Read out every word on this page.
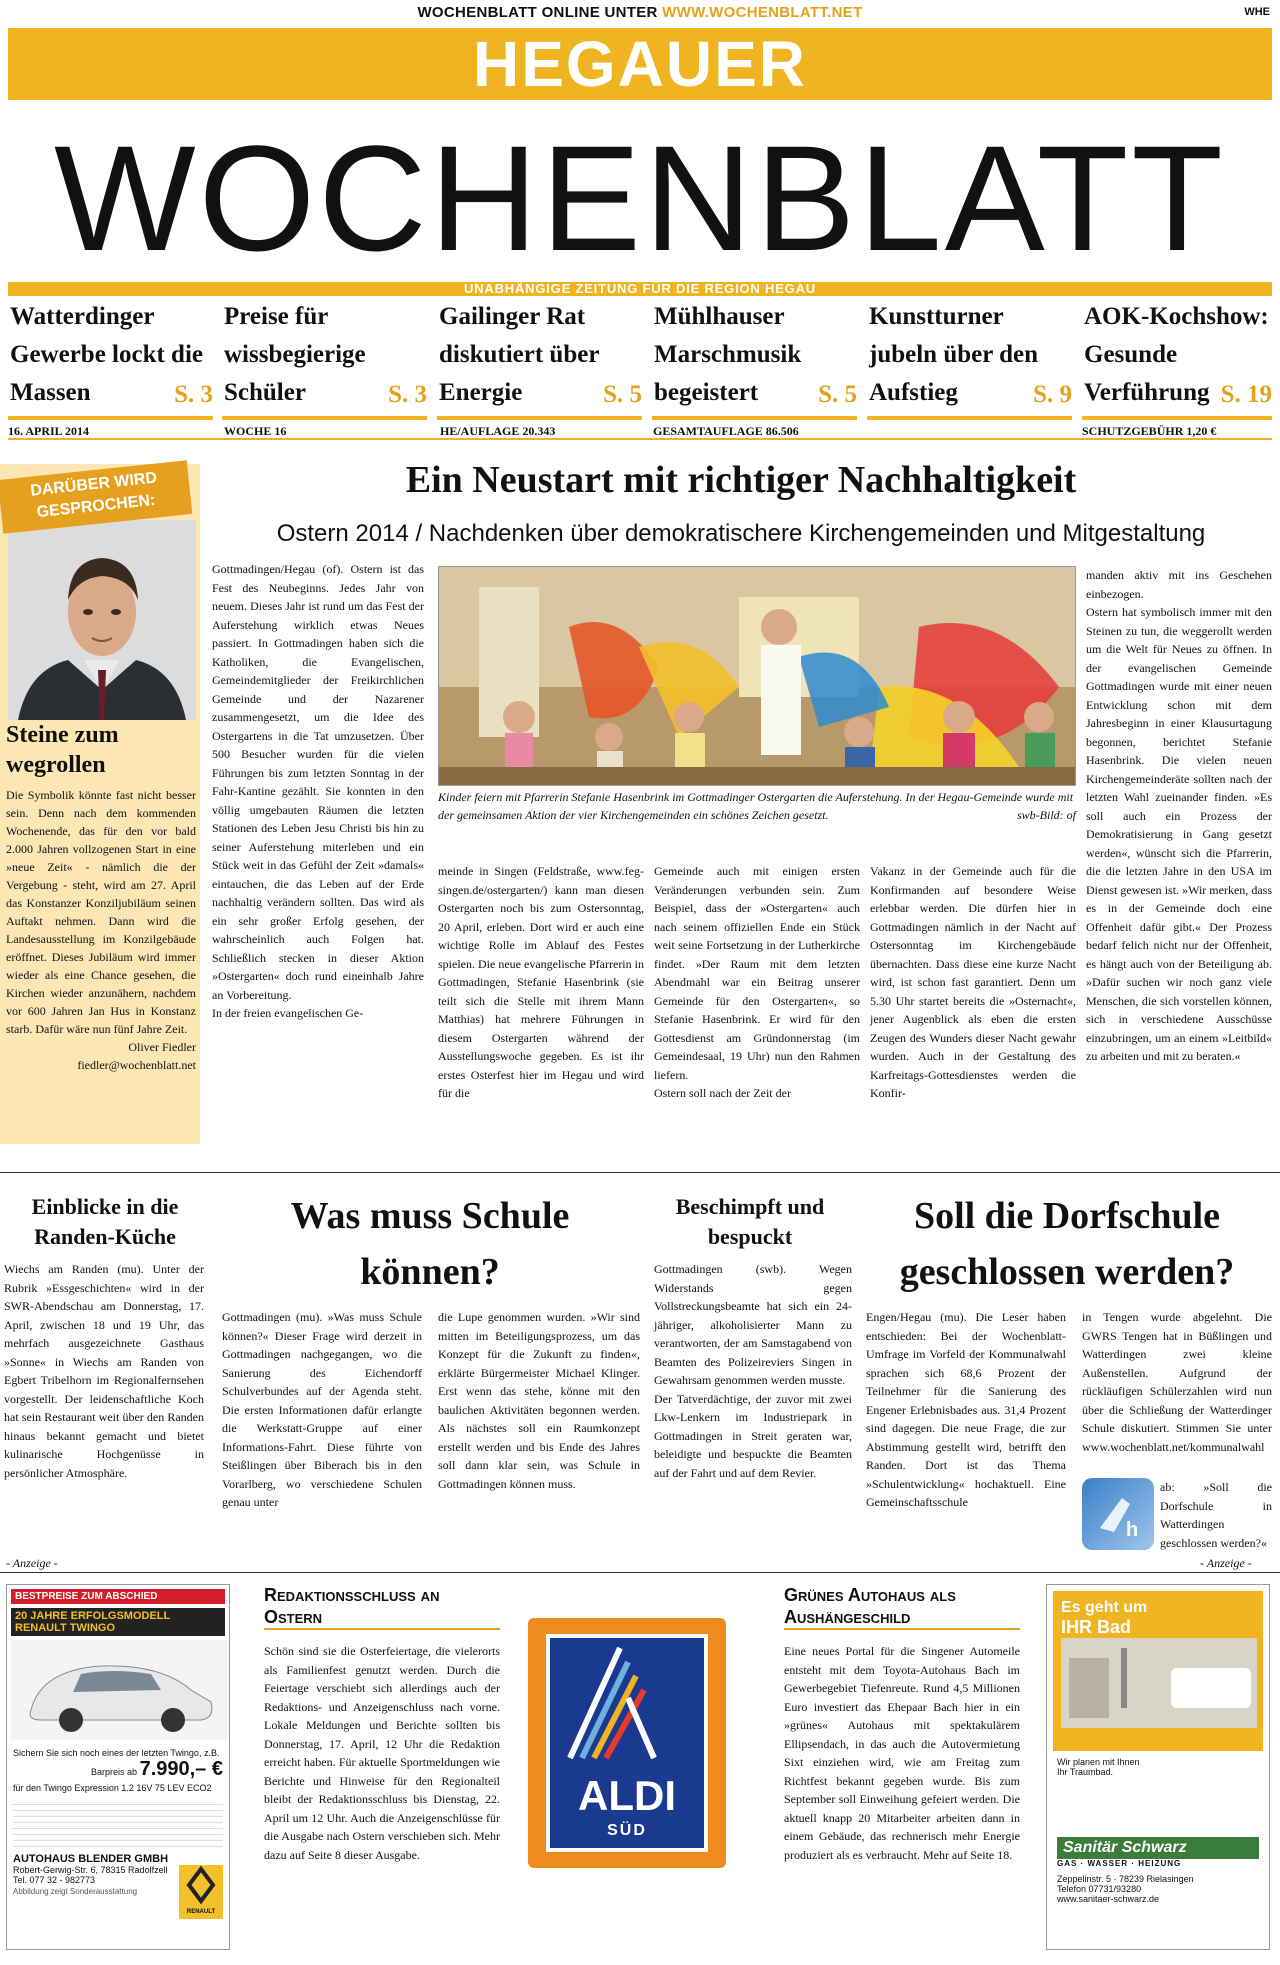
WOCHENBLATT ONLINE UNTER WWW.WOCHENBLATT.NET	WHE
HEGAUER
WOCHENBLATT
UNABHÄNGIGE ZEITUNG FÜR DIE REGION HEGAU
Watterdinger Gewerbe lockt die Massen	S. 3
Preise für wissbegierige Schüler	S. 3
Gailinger Rat diskutiert über Energie	S. 5
Mühlhauser Marschmusik begeistert S. 5
Kunstturner jubeln über den Aufstieg	S. 9
AOK-Kochshow: Gesunde Verführung S. 19
16. APRIL 2014	WOCHE 16	HE/AUFLAGE 20.343	GESAMTAUFLAGE 86.506	SCHUTZGEBÜHR 1,20 €
DARÜBER WIRD
GESPROCHEN:
Steine zum wegrollen
Die Symbolik könnte fast nicht besser sein. Denn nach dem kommenden Wochenende, das für den vor bald 2.000 Jahren vollzogenen Start in eine »neue Zeit« - nämlich die der Vergebung - steht, wird am 27. April das Konstanzer Konziljubiläum seinen Auftakt nehmen. Dann wird die Landesausstellung im Konzilgebäude eröffnet. Dieses Jubiläum wird immer wieder als eine Chance gesehen, die Kirchen wieder anzunähern, nachdem vor 600 Jahren Jan Hus in Konstanz starb. Dafür wäre nun fünf Jahre Zeit.
Oliver Fiedler
fiedler@wochenblatt.net
Ein Neustart mit richtiger Nachhaltigkeit
Ostern 2014 / Nachdenken über demokratischere Kirchengemeinden und Mitgestaltung
Gottmadingen/Hegau (of). Ostern ist das Fest des Neubeginns. Jedes Jahr von neuem. Dieses Jahr ist rund um das Fest der Auferstehung wirklich etwas Neues passiert. In Gottmadingen haben sich die Katholiken, die Evangelischen, Gemeindemitglieder der Freikirchlichen Gemeinde und der Nazarener zusammengesetzt, um die Idee des Ostergartens in die Tat umzusetzen. Über 500 Besucher wurden für die vielen Führungen bis zum letzten Sonntag in der Fahr-Kantine gezählt. Sie konnten in den völlig umgebauten Räumen die letzten Stationen des Leben Jesu Christi bis hin zu seiner Auferstehung miterleben und ein Stück weit in das Gefühl der Zeit »damals« eintauchen, die das Leben auf der Erde nachhaltig verändern sollten. Das wird als ein sehr großer Erfolg gesehen, der wahrscheinlich auch Folgen hat. Schließlich stecken in dieser Aktion »Ostergarten« doch rund eineinhalb Jahre an Vorbereitung.
In der freien evangelischen Ge-
Kinder feiern mit Pfarrerin Stefanie Hasenbrink im Gottmadinger Ostergarten die Auferstehung. In der Hegau-Gemeinde wurde mit der gemeinsamen Aktion der vier Kirchengemeinden ein schönes Zeichen gesetzt.	swb-Bild: of
meinde in Singen (Feldstraße, www.feg-singen.de/ostergarten/) kann man diesen Ostergarten noch bis zum Ostersonntag, 20 April, erleben. Dort wird er auch eine wichtige Rolle im Ablauf des Festes spielen. Die neue evangelische Pfarrerin in Gottmadingen, Stefanie Hasenbrink (sie teilt sich die Stelle mit ihrem Mann Matthias) hat mehrere Führungen in diesem Ostergarten während der Ausstellungswoche gegeben. Es ist ihr erstes Osterfest hier im Hegau und wird für die
Gemeinde auch mit einigen ersten Veränderungen verbunden sein. Zum Beispiel, dass der »Ostergarten« auch nach seinem offiziellen Ende ein Stück weit seine Fortsetzung in der Lutherkirche findet. »Der Raum mit dem letzten Abendmahl war ein Beitrag unserer Gemeinde für den Ostergarten«, so Stefanie Hasenbrink. Er wird für den Gottesdienst am Gründonnerstag (im Gemeindesaal, 19 Uhr) nun den Rahmen liefern.
Ostern soll nach der Zeit der
Vakanz in der Gemeinde auch für die Konfirmanden auf besondere Weise erlebbar werden. Die dürfen hier in Gottmadingen nämlich in der Nacht auf Ostersonntag im Kirchengebäude übernachten. Dass diese eine kurze Nacht wird, ist schon fast garantiert. Denn um 5.30 Uhr startet bereits die »Osternacht«, jener Augenblick als eben die ersten Zeugen des Wunders dieser Nacht gewahr wurden. Auch in der Gestaltung des Karfreitags-Gottesdienstes werden die Konfir-
manden aktiv mit ins Geschehen einbezogen.
Ostern hat symbolisch immer mit den Steinen zu tun, die weggerollt werden um die Welt für Neues zu öffnen. In der evangelischen Gemeinde Gottmadingen wurde mit einer neuen Entwicklung schon mit dem Jahresbeginn in einer Klausurtagung begonnen, berichtet Stefanie Hasenbrink. Die vielen neuen Kirchengemeinderäte sollten nach der letzten Wahl zueinander finden. »Es soll auch ein Prozess der Demokratisierung in Gang gesetzt werden«, wünscht sich die Pfarrerin, die die letzten Jahre in den USA im Dienst gewesen ist. »Wir merken, dass es in der Gemeinde doch eine Offenheit dafür gibt.« Der Prozess bedarf felich nicht nur der Offenheit, es hängt auch von der Beteiligung ab. »Dafür suchen wir noch ganz viele Menschen, die sich vorstellen können, sich in verschiedene Ausschüsse einzubringen, um an einem »Leitbild« zu arbeiten und mit zu beraten.«
Einblicke in die Randen-Küche
Wiechs am Randen (mu). Unter der Rubrik »Essgeschichten« wird in der SWR-Abendschau am Donnerstag, 17. April, zwischen 18 und 19 Uhr, das mehrfach ausgezeichnete Gasthaus »Sonne« in Wiechs am Randen von Egbert Tribelhorn im Regionalfernsehen vorgestellt. Der leidenschaftliche Koch hat sein Restaurant weit über den Randen hinaus bekannt gemacht und bietet kulinarische Hochgenüsse in persönlicher Atmosphäre.
Was muss Schule können?
Gottmadingen (mu). »Was muss Schule können?« Dieser Frage wird derzeit in Gottmadingen nachgegangen, wo die Sanierung des Eichendorff Schulverbundes auf der Agenda steht. Die ersten Informationen dafür erlangte die Werkstatt-Gruppe auf einer Informations-Fahrt. Diese führte von Steißlingen über Biberach bis in den Vorarlberg, wo verschiedene Schulen genau unter
die Lupe genommen wurden. »Wir sind mitten im Beteiligungsprozess, um das Konzept für die Zukunft zu finden«, erklärte Bürgermeister Michael Klinger. Erst wenn das stehe, könne mit den baulichen Aktivitäten begonnen werden. Als nächstes soll ein Raumkonzept erstellt werden und bis Ende des Jahres soll dann klar sein, was Schule in Gottmadingen können muss.
Beschimpft und bespuckt
Gottmadingen (swb). Wegen Widerstands gegen Vollstreckungsbeamte hat sich ein 24-jähriger, alkoholisierter Mann zu verantworten, der am Samstagabend von Beamten des Polizeireviers Singen in Gewahrsam genommen werden musste.
Der Tatverdächtige, der zuvor mit zwei Lkw-Lenkern im Industriepark in Gottmadingen in Streit geraten war, beleidigte und bespuckte die Beamten auf der Fahrt und auf dem Revier.
Soll die Dorfschule geschlossen werden?
Engen/Hegau (mu). Die Leser haben entschieden: Bei der Wochenblatt-Umfrage im Vorfeld der Kommunalwahl sprachen sich 68,6 Prozent der Teilnehmer für die Sanierung des Engener Erlebnisbades aus. 31,4 Prozent sind dagegen. Die neue Frage, die zur Abstimmung gestellt wird, betrifft den Randen. Dort ist das Thema »Schulentwicklung« hochaktuell. Eine Gemeinschaftsschule
in Tengen wurde abgelehnt. Die GWRS Tengen hat in Büßlingen und Watterdingen zwei kleine Außenstellen. Aufgrund der rückläufigen Schülerzahlen wird nun über die Schließung der Watterdinger Schule diskutiert. Stimmen Sie unter www.wochenblatt.net/kommunalwahl
h
ab: »Soll die Dorfschule in Watterdingen geschlossen werden?«
- Anzeige -	- Anzeige -
BESTPREISE ZUM ABSCHIED
20 JAHRE ERFOLGSMODELL RENAULT TWINGO
Sichern Sie sich noch eines der letzten Twingo, z.B.
Barpreis ab 7.990,– €
für den Twingo Expression 1.2 16V 75 LEV ECO2
AUTOHAUS BLENDER GMBH
Robert-Gerwig-Str. 6, 78315 Radolfzell
Tel. 077 32 - 982773
Abbildung zeigt Sonderausstattung
RENAULT
Redaktionsschluss an Ostern
Schön sind sie die Osterfeiertage, die vielerorts als Familienfest genutzt werden. Durch die Feiertage verschiebt sich allerdings auch der Redaktions- und Anzeigenschluss nach vorne. Lokale Meldungen und Berichte sollten bis Donnerstag, 17. April, 12 Uhr die Redaktion erreicht haben. Für aktuelle Sportmeldungen wie Berichte und Hinweise für den Regionalteil bleibt der Redaktionsschluss bis Dienstag, 22. April um 12 Uhr. Auch die Anzeigenschlüsse für die Ausgabe nach Ostern verschieben sich. Mehr dazu auf Seite 8 dieser Ausgabe.
ALDI
SÜD
Grünes Autohaus als Aushängeschild
Eine neues Portal für die Singener Automeile entsteht mit dem Toyota-Autohaus Bach im Gewerbegebiet Tiefenreute. Rund 4,5 Millionen Euro investiert das Ehepaar Bach hier in ein »grünes« Autohaus mit spektakulärem Ellipsendach, in das auch die Autovermietung Sixt einziehen wird, wie am Freitag zum Richtfest bekannt gegeben wurde. Bis zum September soll Einweihung gefeiert werden. Die aktuell knapp 20 Mitarbeiter arbeiten dann in einem Gebäude, das rechnerisch mehr Energie produziert als es verbraucht. Mehr auf Seite 18.
Es geht um
IHR Bad
Wir planen mit Ihnen
Ihr Traumbad.
Sanitär Schwarz
GAS · WASSER · HEIZUNG
Zeppelinstr. 5 · 78239 Rielasingen
Telefon 07731/93280
www.sanitaer-schwarz.de
